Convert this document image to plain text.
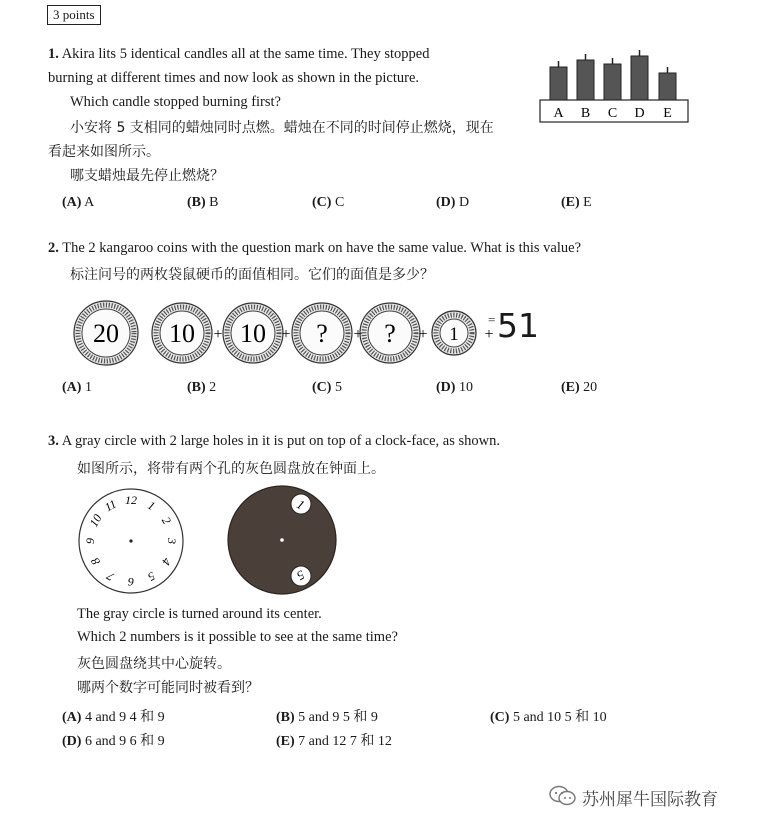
3 points
1. Akira lits 5 identical candles all at the same time. They stopped
burning at different times and now look as shown in the picture.
Which candle stopped burning first?
小安将 5 支相同的蜡烛同时点燃。蜡烛在不同的时间停止燃烧，现在
看起来如图所示。
哪支蜡烛最先停止燃烧？
A B C D E
(A) A	(B) B	(C) C	(D) D	(E) E
2. The 2 kangaroo coins with the question mark on have the same value. What is this value?
标注问号的两枚袋鼠硬币的面值相同。它们的面值是多少？
20 10 10 ? ?	1
+	+	+	+	+
= 51
(A) 1	(B) 2	(C) 5	(D) 10	(E) 20
3. A gray circle with 2 large holes in it is put on top of a clock-face, as shown.
如图所示，将带有两个孔的灰色圆盘放在钟面上。
12 1
2
3
4
5
6
7
8
9
10
11	1
5
The gray circle is turned around its center.
Which 2 numbers is it possible to see at the same time?
灰色圆盘绕其中心旋转。
哪两个数字可能同时被看到？
(A) 4 and 9 4 和 9	(B) 5 and 9 5 和 9	(C) 5 and 10 5 和 10
(D) 6 and 9 6 和 9	(E) 7 and 12 7 和 12
苏州犀牛国际教育
